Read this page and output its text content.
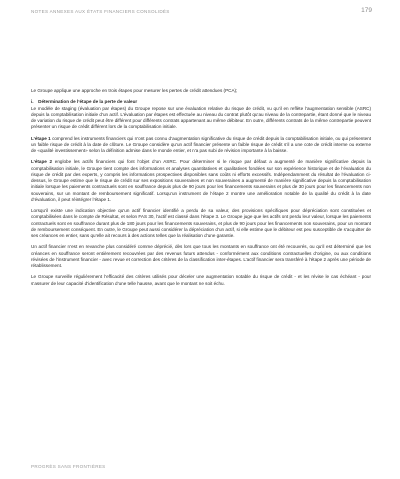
NOTES ANNEXES AUX ÉTATS FINANCIERS CONSOLIDÉS	179

Le Groupe applique une approche en trois étapes pour mesurer les pertes de crédit attendues (PCA);

i. Détermination de l’étape de la perte de valeur

Le modèle de staging (évaluation par étapes) du Groupe repose sur une évaluation relative du risque de crédit, vu qu’il en reflète l’augmentation sensible (ASRC) depuis la comptabilisation initiale d’un actif. L’évaluation par étapes est effectuée au niveau du contrat plutôt qu’au niveau de la contrepartie, étant donné que le niveau de variation du risque de crédit peut être différent pour différents contrats appartenant au même débiteur. En outre, différents contrats de la même contrepartie peuvent présenter un risque de crédit différent lors de la comptabilisation initiale.

L’étape 1 comprend les instruments financiers qui n’ont pas connu d’augmentation significative du risque de crédit depuis la comptabilisation initiale, ou qui présentent un faible risque de crédit à la date de clôture. Le Groupe considère qu’un actif financier présente un faible risque de crédit s’il a une cote de crédit interne ou externe de «qualité investissement» selon la définition admise dans le monde entier, et n’a pas subi de révision importante à la baisse.

L’étape 2 englobe les actifs financiers qui font l’objet d’un ASRC. Pour déterminer si le risque par défaut a augmenté de manière significative depuis la comptabilisation initiale, le Groupe tient compte des informations et analyses quantitatives et qualitatives fondées sur son expérience historique et de l’évaluation du risque de crédit par des experts, y compris les informations prospectives disponibles sans coûts ni efforts excessifs. Indépendamment du résultat de l’évaluation ci-dessus, le Groupe estime que le risque de crédit sur ses expositions souveraines et non souveraines a augmenté de manière significative depuis la comptabilisation initiale lorsque les paiements contractuels sont en souffrance depuis plus de 90 jours pour les financements souverains et plus de 30 jours pour les financements non souverains, sur un montant de remboursement significatif. Lorsqu’un instrument de l’étape 2 montre une amélioration notable de la qualité du crédit à la date d’évaluation, il peut réintégrer l’étape 1.

Lorsqu’il existe une indication objective qu’un actif financier identifié a perdu de sa valeur, des provisions spécifiques pour dépréciation sont constituées et comptabilisées dans le compte de Résultat, et selon FAS 30, l’actif est classé dans l’étape 3. Le Groupe juge que les actifs ont perdu leur valeur, lorsque les paiements contractuels sont en souffrance durant plus de 180 jours pour les financements souverains, et plus de 90 jours pour les financements non souverains, pour un montant de remboursement conséquent. En outre, le Groupe peut aussi considérer la dépréciation d’un actif, si elle estime que le débiteur est peu susceptible de s’acquitter de ses créances en entier, sans qu’elle ait recours à des actions telles que la réalisation d’une garantie.

Un actif financier n’est en revanche plus considéré comme déprécié, dès lors que tous les montants en souffrance ont été recouvrés, ou qu’il est déterminé que les créances en souffrance seront entièrement recouvrées par des revenus futurs attendus - conformément aux conditions contractuelles d’origine, ou aux conditions révisées de l’instrument financier - avec revue et correction des critères de la classification inter-étapes. L’actif financier sera transféré à l’étape 2 après une période de rétablissement.

Le Groupe surveille régulièrement l’efficacité des critères utilisés pour déceler une augmentation notable du risque de crédit - et les révise le cas échéant - pour s’assurer de leur capacité d’identification d’une telle hausse, avant que le montant ne soit échu.

PROGRÈS SANS FRONTIÈRES
